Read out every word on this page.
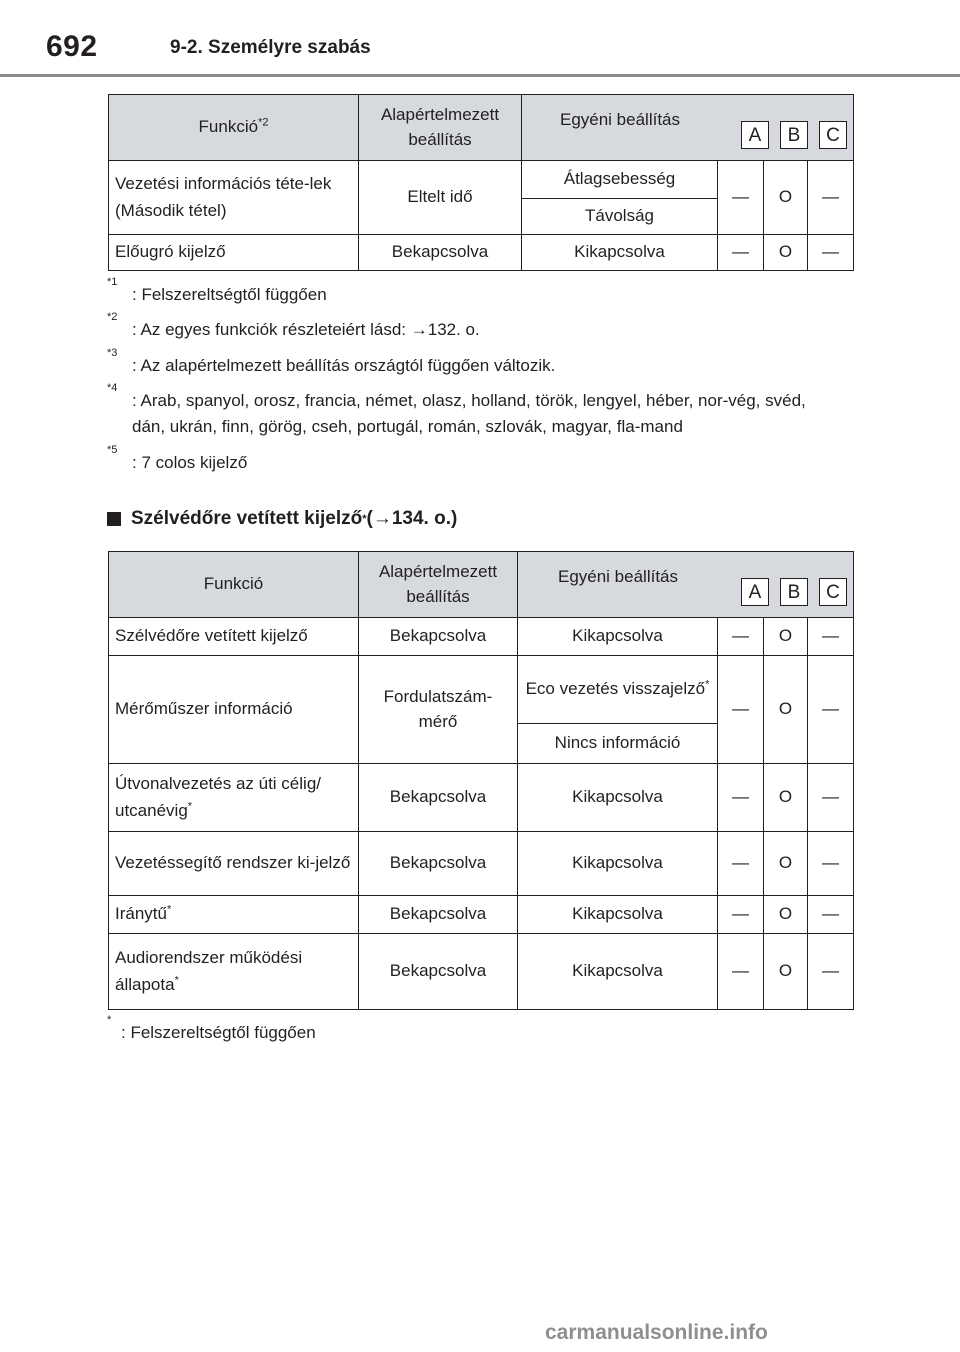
692	9-2. Személyre szabás
Funkció$^{*2}$	Alapértelmezett beállítás	Egyéni beállítás
A B C			

Vezetési információs téte-lek (Második tétel)	Eltelt idő	Átlagsebesség	—	O	—
		Távolság			
Előugró kijelző	Bekapcsolva	Kikapcsolva	—	O	—
*1
: Felszereltségtől függően
*2
: Az egyes funkciók részleteiért lásd: →132. o.
*3
: Az alapértelmezett beállítás országtól függően változik.
*4
: Arab, spanyol, orosz, francia, német, olasz, holland, török, lengyel, héber, nor-vég, svéd, dán, ukrán, finn, görög, cseh, portugál, román, szlovák, magyar, fla-mand
*5
: 7 colos kijelző
Szélvédőre vetített kijelző * (→134. o.)
Funkció	Alapértelmezett beállítás	Egyéni beállítás
A B C			

Szélvédőre vetített kijelző	Bekapcsolva	Kikapcsolva	—	O	—
Mérőműszer információ	Fordulatszám-mérő	Eco vezetés visszajelző*	—	O	—
		Nincs információ			
Útvonalvezetés az úti célig/ utcanévig*	Bekapcsolva	Kikapcsolva	—	O	—
Vezetéssegítő rendszer ki-jelző	Bekapcsolva	Kikapcsolva	—	O	—
Iránytű*	Bekapcsolva	Kikapcsolva	—	O	—
Audiorendszer működési állapota*	Bekapcsolva	Kikapcsolva	—	O	—
*
: Felszereltségtől függően
carmanualsonline.info
